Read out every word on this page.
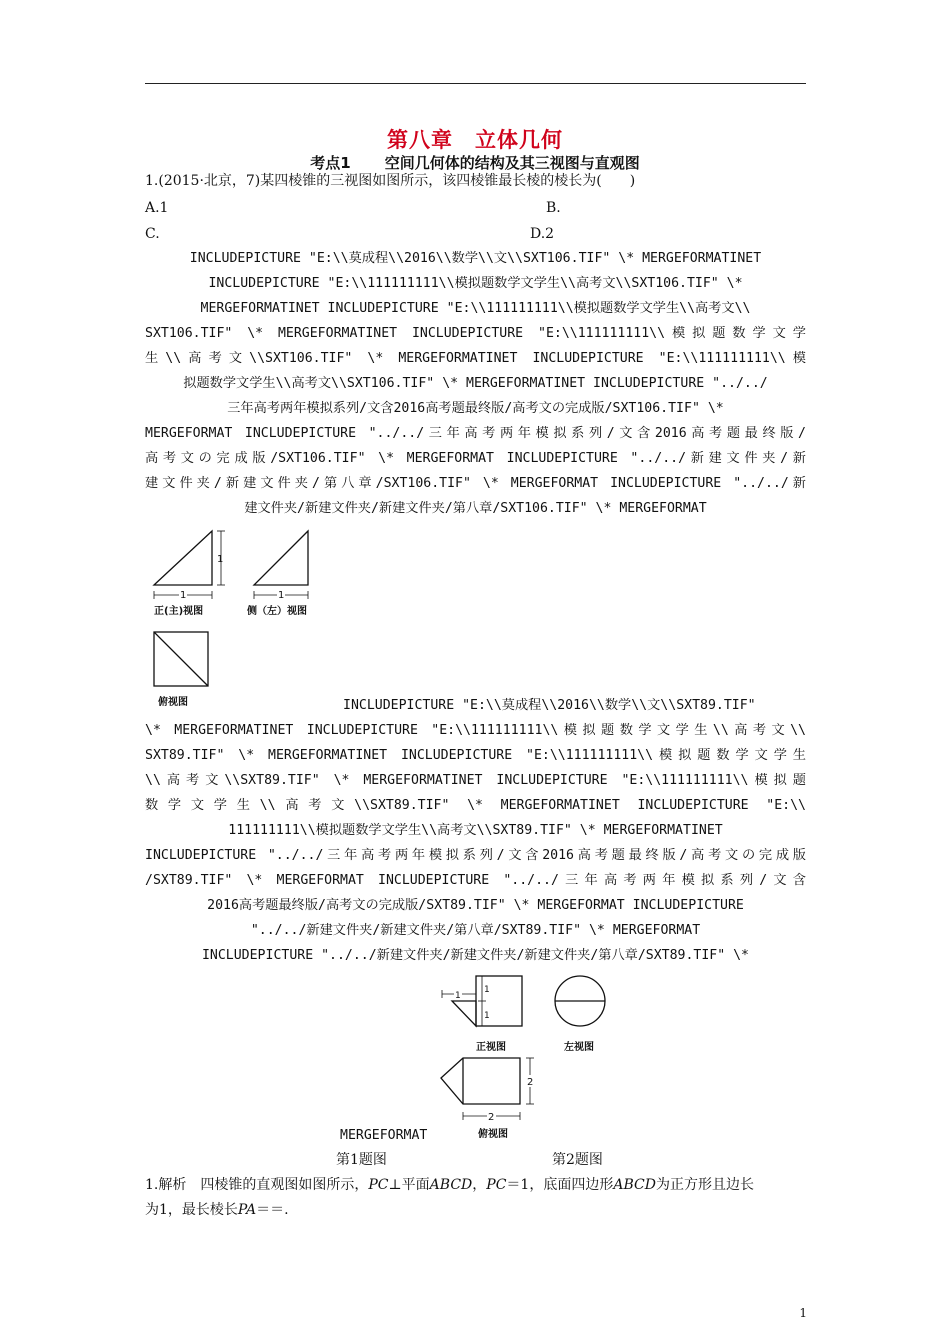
第八章　立体几何
考点1 空间几何体的结构及其三视图与直观图
1.(2015·北京，7)某四棱锥的三视图如图所示，该四棱锥最长棱的棱长为(　　)
A.1	B.
C.	D.2
INCLUDEPICTURE "E:\\莫成程\\2016\\数学\\文\\SXT106.TIF" \* MERGEFORMATINET
INCLUDEPICTURE "E:\\111111111\\模拟题数学文学生\\高考文\\SXT106.TIF" \*
MERGEFORMATINET INCLUDEPICTURE "E:\\111111111\\模拟题数学文学生\\高考文\\
SXT106.TIF" \* MERGEFORMATINET INCLUDEPICTURE "E:\\111111111\\模拟题数学文学
生\\高考文\\SXT106.TIF" \* MERGEFORMATINET INCLUDEPICTURE "E:\\111111111\\模
拟题数学文学生\\高考文\\SXT106.TIF" \* MERGEFORMATINET INCLUDEPICTURE "../../
三年高考两年模拟系列/文含2016高考题最终版/高考文の完成版/SXT106.TIF" \*
MERGEFORMAT INCLUDEPICTURE "../../三年高考两年模拟系列/文含2016高考题最终版/
高考文の完成版/SXT106.TIF" \* MERGEFORMAT INCLUDEPICTURE "../../新建文件夹/新
建文件夹/新建文件夹/第八章/SXT106.TIF" \* MERGEFORMAT INCLUDEPICTURE "../../新
建文件夹/新建文件夹/新建文件夹/第八章/SXT106.TIF" \* MERGEFORMAT
1
1
正(主)视图
1
侧（左）视图
俯视图	INCLUDEPICTURE "E:\\莫成程\\2016\\数学\\文\\SXT89.TIF"
\* MERGEFORMATINET INCLUDEPICTURE "E:\\111111111\\模拟题数学文学生\\高考文\\
SXT89.TIF" \* MERGEFORMATINET INCLUDEPICTURE "E:\\111111111\\模拟题数学文学生
\\高考文\\SXT89.TIF" \* MERGEFORMATINET INCLUDEPICTURE "E:\\111111111\\模拟题
数学文学生\\高考文\\SXT89.TIF" \* MERGEFORMATINET INCLUDEPICTURE "E:\\
111111111\\模拟题数学文学生\\高考文\\SXT89.TIF" \* MERGEFORMATINET
INCLUDEPICTURE "../../三年高考两年模拟系列/文含2016高考题最终版/高考文の完成版
/SXT89.TIF" \* MERGEFORMAT INCLUDEPICTURE "../../三年高考两年模拟系列/文含
2016高考题最终版/高考文の完成版/SXT89.TIF" \* MERGEFORMAT INCLUDEPICTURE
"../../新建文件夹/新建文件夹/第八章/SXT89.TIF" \* MERGEFORMAT
INCLUDEPICTURE "../../新建文件夹/新建文件夹/新建文件夹/第八章/SXT89.TIF" \*
1
1
1
正视图	左视图
2
2
俯视图
MERGEFORMAT
第1题图	第2题图
1.解析　四棱锥的直观图如图所示，PC⊥平面ABCD，PC＝1，底面四边形ABCD为正方形且边长
为1，最长棱长PA＝＝.
1
